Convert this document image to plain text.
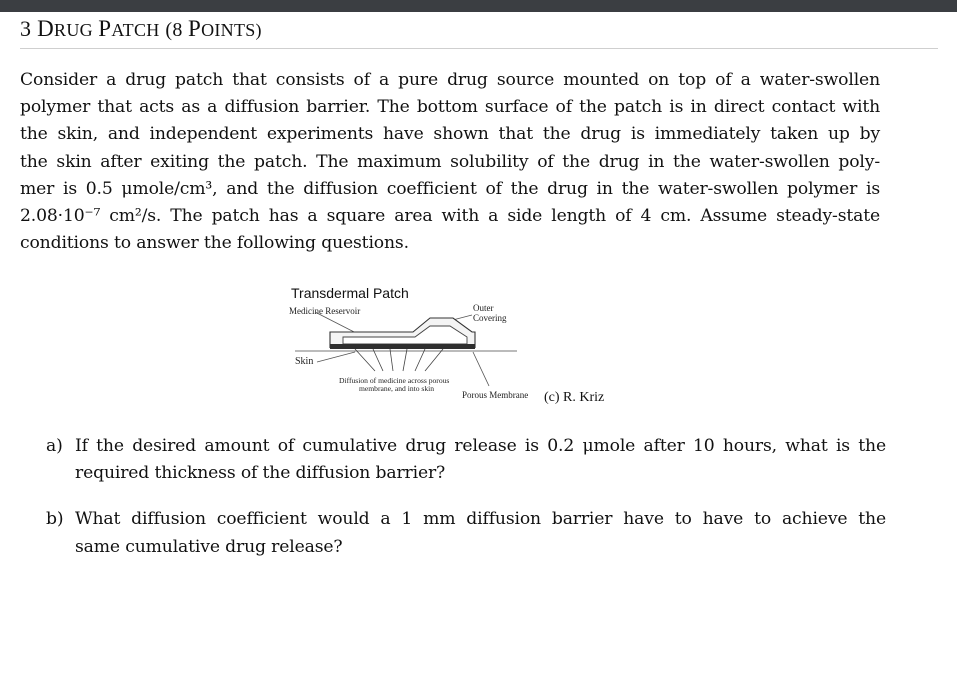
3 DRUG PATCH (8 POINTS)
Consider a drug patch that consists of a pure drug source mounted on top of a water-swollen
polymer that acts as a diffusion barrier. The bottom surface of the patch is in direct contact with
the skin, and independent experiments have shown that the drug is immediately taken up by
the skin after exiting the patch. The maximum solubility of the drug in the water-swollen poly-
mer is 0.5 μmole/cm³, and the diffusion coefficient of the drug in the water-swollen polymer is
2.08·10⁻⁷ cm²/s. The patch has a square area with a side length of 4 cm. Assume steady-state
conditions to answer the following questions.
Transdermal Patch
Medicine Reservoir	Outer
Covering
Skin
Diffusion of medicine across porous
membrane, and into skin
Porous Membrane (c) R. Kriz
a) If the desired amount of cumulative drug release is 0.2 μmole after 10 hours, what is the
required thickness of the diffusion barrier?
b) What diffusion coefficient would a 1 mm diffusion barrier have to have to achieve the
same cumulative drug release?
